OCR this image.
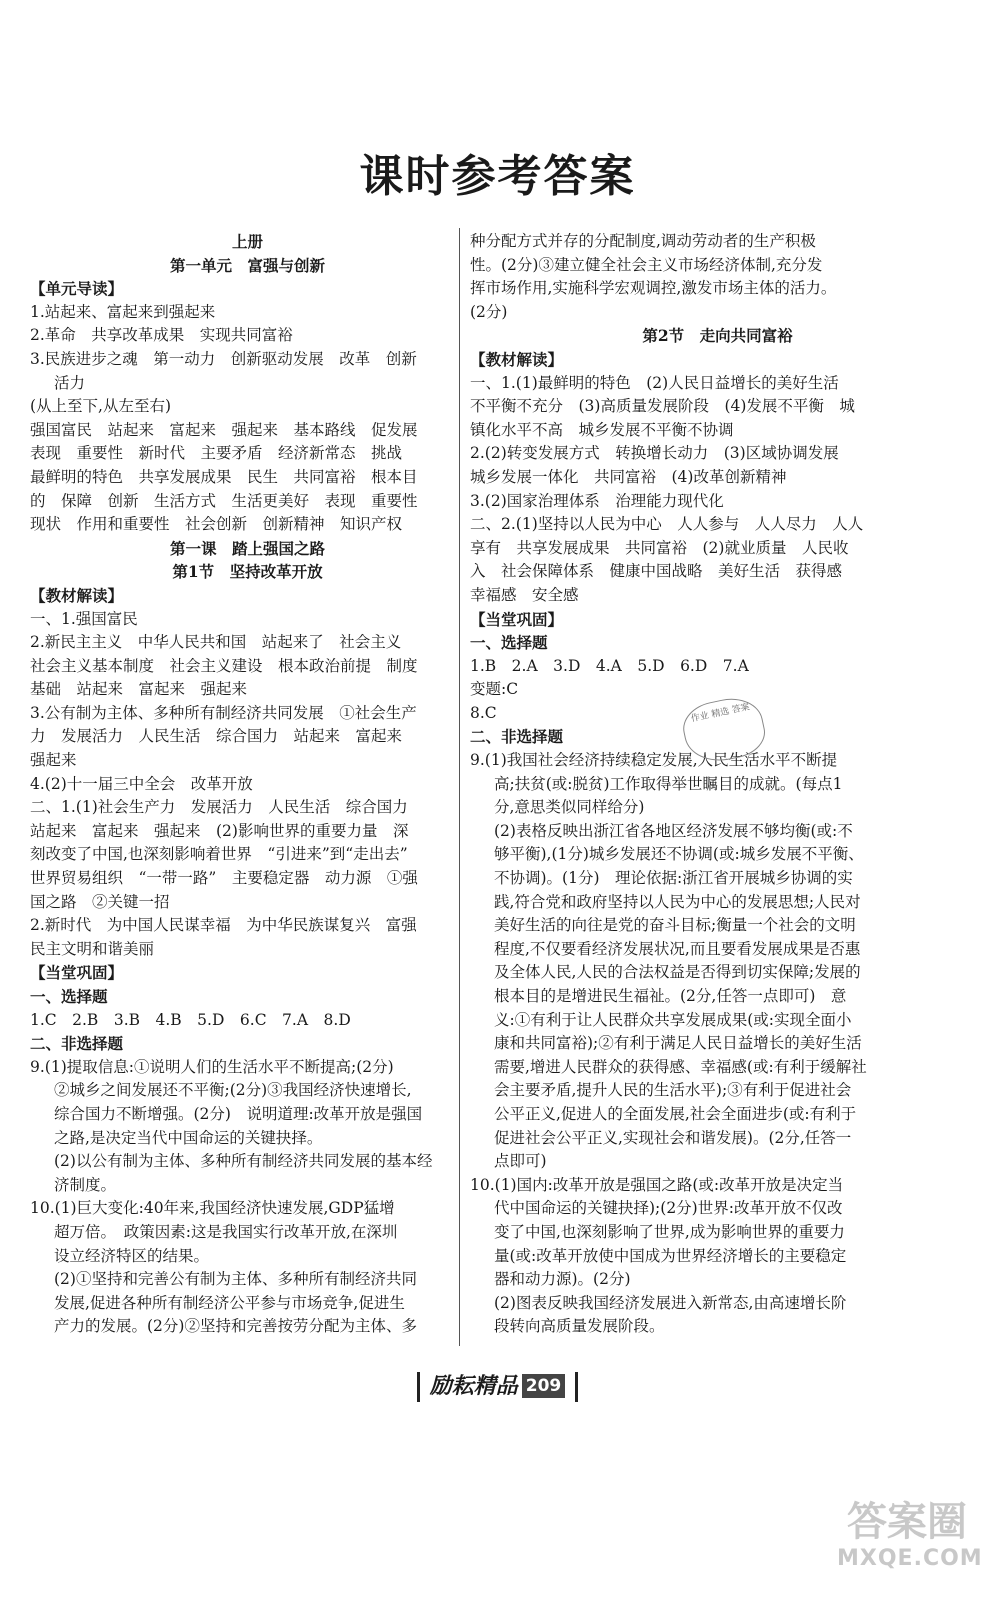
课时参考答案
上册
第一单元　富强与创新
【单元导读】
1.站起来、富起来到强起来
2.革命　共享改革成果　实现共同富裕
3.民族进步之魂　第一动力　创新驱动发展　改革　创新
活力
(从上至下,从左至右)
强国富民　站起来　富起来　强起来　基本路线　促发展
表现　重要性　新时代　主要矛盾　经济新常态　挑战
最鲜明的特色　共享发展成果　民生　共同富裕　根本目
的　保障　创新　生活方式　生活更美好　表现　重要性
现状　作用和重要性　社会创新　创新精神　知识产权
第一课　踏上强国之路
第1节　坚持改革开放
【教材解读】
一、1.强国富民
2.新民主主义　中华人民共和国　站起来了　社会主义
社会主义基本制度　社会主义建设　根本政治前提　制度
基础　站起来　富起来　强起来
3.公有制为主体、多种所有制经济共同发展　①社会生产
力　发展活力　人民生活　综合国力　站起来　富起来
强起来
4.(2)十一届三中全会　改革开放
二、1.(1)社会生产力　发展活力　人民生活　综合国力
站起来　富起来　强起来　(2)影响世界的重要力量　深
刻改变了中国,也深刻影响着世界　“引进来”到“走出去”
世界贸易组织　“一带一路”　主要稳定器　动力源　①强
国之路　②关键一招
2.新时代　为中国人民谋幸福　为中华民族谋复兴　富强
民主文明和谐美丽
【当堂巩固】
一、选择题
1.C　2.B　3.B　4.B　5.D　6.C　7.A　8.D
二、非选择题
9.(1)提取信息:①说明人们的生活水平不断提高;(2分)
②城乡之间发展还不平衡;(2分)③我国经济快速增长,
综合国力不断增强。(2分)　说明道理:改革开放是强国
之路,是决定当代中国命运的关键抉择。
(2)以公有制为主体、多种所有制经济共同发展的基本经
济制度。
10.(1)巨大变化:40年来,我国经济快速发展,GDP猛增
超万倍。　政策因素:这是我国实行改革开放,在深圳
设立经济特区的结果。
(2)①坚持和完善公有制为主体、多种所有制经济共同
发展,促进各种所有制经济公平参与市场竞争,促进生
产力的发展。(2分)②坚持和完善按劳分配为主体、多
种分配方式并存的分配制度,调动劳动者的生产积极
性。(2分)③建立健全社会主义市场经济体制,充分发
挥市场作用,实施科学宏观调控,激发市场主体的活力。
(2分)
第2节　走向共同富裕
【教材解读】
一、1.(1)最鲜明的特色　(2)人民日益增长的美好生活
不平衡不充分　(3)高质量发展阶段　(4)发展不平衡　城
镇化水平不高　城乡发展不平衡不协调
2.(2)转变发展方式　转换增长动力　(3)区域协调发展
城乡发展一体化　共同富裕　(4)改革创新精神
3.(2)国家治理体系　治理能力现代化
二、2.(1)坚持以人民为中心　人人参与　人人尽力　人人
享有　共享发展成果　共同富裕　(2)就业质量　人民收
入　社会保障体系　健康中国战略　美好生活　获得感
幸福感　安全感
【当堂巩固】
一、选择题
1.B　2.A　3.D　4.A　5.D　6.D　7.A
变题:C
8.C
二、非选择题
9.(1)我国社会经济持续稳定发展,人民生活水平不断提
高;扶贫(或:脱贫)工作取得举世瞩目的成就。(每点1
分,意思类似同样给分)
(2)表格反映出浙江省各地区经济发展不够均衡(或:不
够平衡),(1分)城乡发展还不协调(或:城乡发展不平衡、
不协调)。(1分)　理论依据:浙江省开展城乡协调的实
践,符合党和政府坚持以人民为中心的发展思想;人民对
美好生活的向往是党的奋斗目标;衡量一个社会的文明
程度,不仅要看经济发展状况,而且要看发展成果是否惠
及全体人民,人民的合法权益是否得到切实保障;发展的
根本目的是增进民生福祉。(2分,任答一点即可)　意
义:①有利于让人民群众共享发展成果(或:实现全面小
康和共同富裕);②有利于满足人民日益增长的美好生活
需要,增进人民群众的获得感、幸福感(或:有利于缓解社
会主要矛盾,提升人民的生活水平);③有利于促进社会
公平正义,促进人的全面发展,社会全面进步(或:有利于
促进社会公平正义,实现社会和谐发展)。(2分,任答一
点即可)
10.(1)国内:改革开放是强国之路(或:改革开放是决定当
代中国命运的关键抉择);(2分)世界:改革开放不仅改
变了中国,也深刻影响了世界,成为影响世界的重要力
量(或:改革开放使中国成为世界经济增长的主要稳定
器和动力源)。(2分)
(2)图表反映我国经济发展进入新常态,由高速增长阶
段转向高质量发展阶段。
作业 精选 答案
励耘精品 209
答案圈
MXQE.COM
